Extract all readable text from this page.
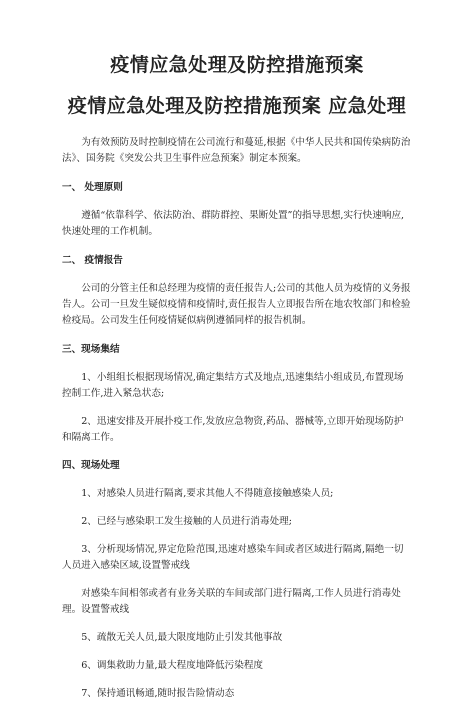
疫情应急处理及防控措施预案
疫情应急处理及防控措施预案 应急处理

为有效预防及时控制疫情在公司流行和蔓延,根据《中华人民共和国传染病防治法》、国务院《突发公共卫生事件应急预案》制定本预案。

一、 处理原则

遵循“依靠科学、依法防治、群防群控、果断处置”的指导思想,实行快速响应,快速处理的工作机制。

二、 疫情报告

公司的分管主任和总经理为疫情的责任报告人;公司的其他人员为疫情的义务报告人。公司一旦发生疑似疫情和疫情时,责任报告人立即报告所在地农牧部门和检验检疫局。公司发生任何疫情疑似病例遵循同样的报告机制。

三、现场集结

1、小组组长根据现场情况,确定集结方式及地点,迅速集结小组成员,布置现场控制工作,进入紧急状态;

2、迅速安排及开展扑疫工作,发放应急物资,药品、器械等,立即开始现场防护和隔离工作。

四、现场处理

1、对感染人员进行隔离,要求其他人不得随意接触感染人员;

2、已经与感染职工发生接触的人员进行消毒处理;

3、分析现场情况,界定危险范围,迅速对感染车间或者区域进行隔离,隔绝一切人员进入感染区域,设置警戒线

对感染车间相邻或者有业务关联的车间或部门进行隔离,工作人员进行消毒处理。设置警戒线

5、疏散无关人员,最大限度地防止引发其他事故

6、调集救助力量,最大程度地降低污染程度

7、保持通讯畅通,随时报告险情动态
